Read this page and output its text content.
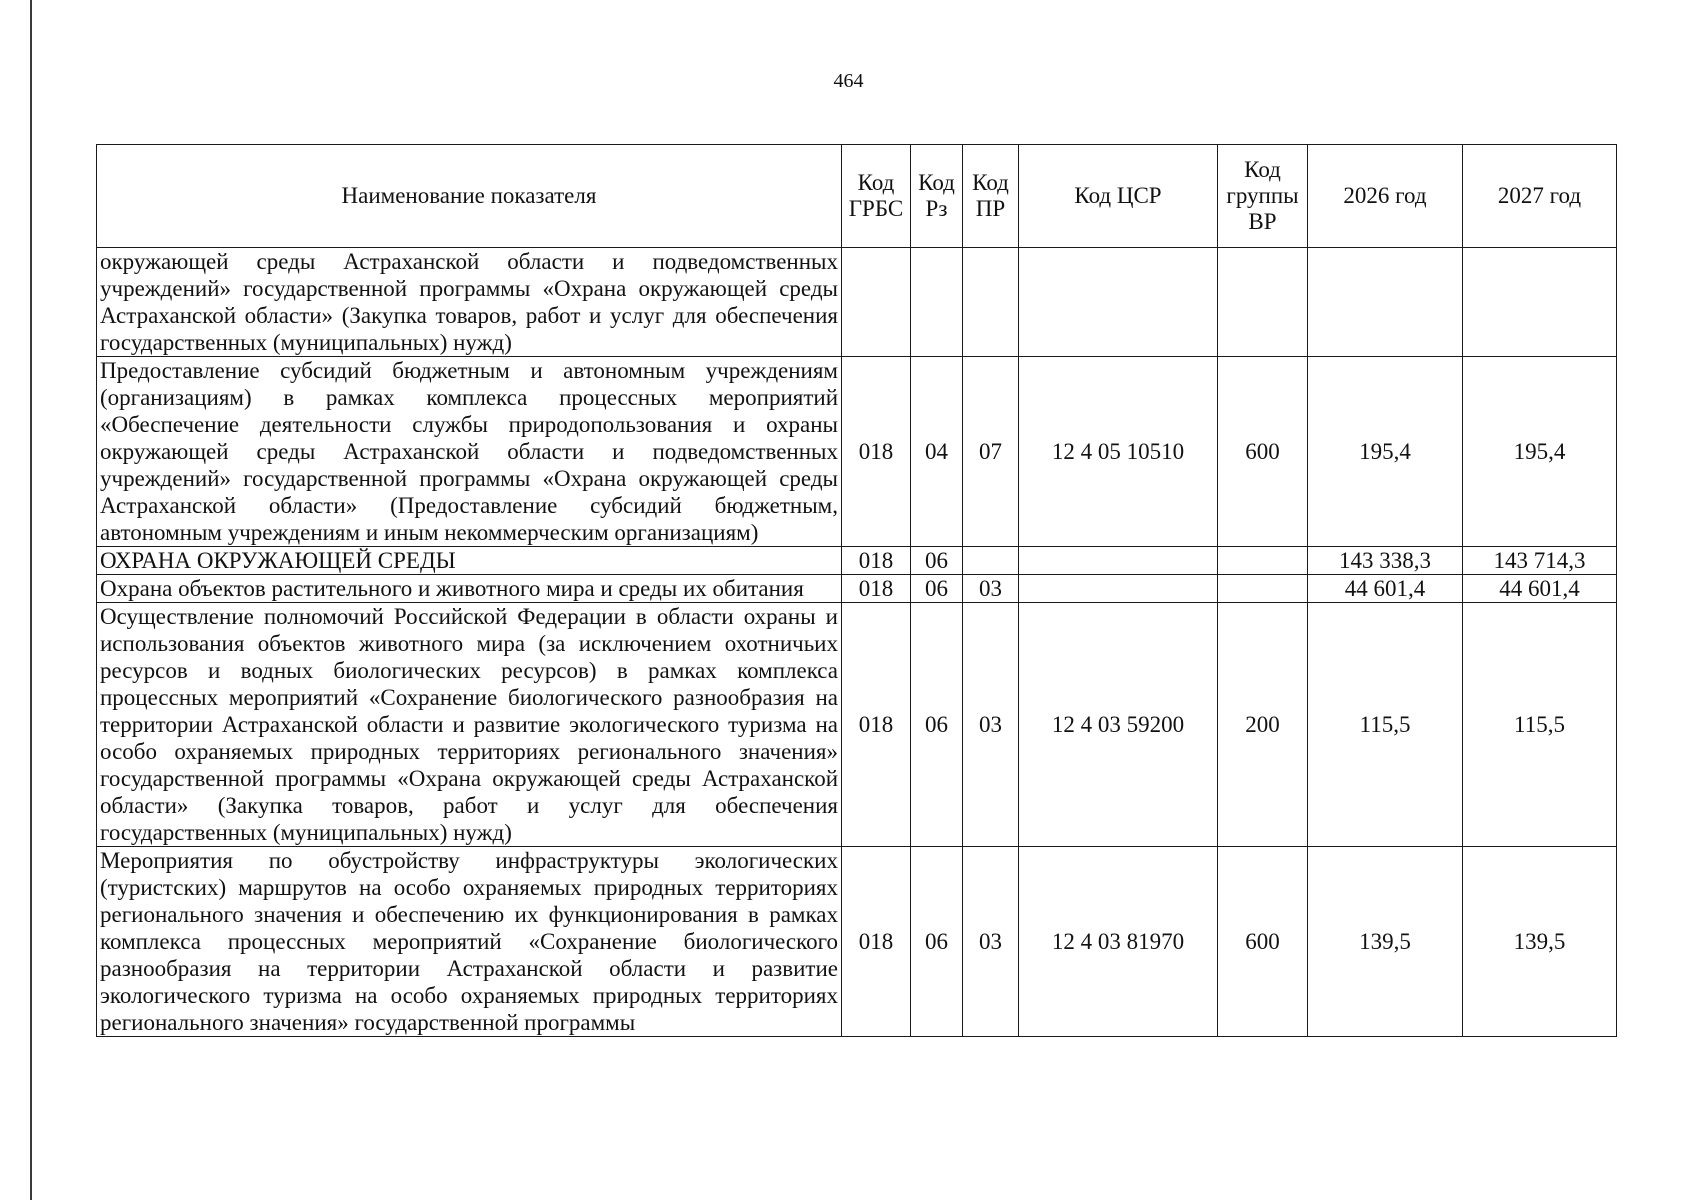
464
Наименование показателя	Код ГРБС	Код Рз	Код ПР	Код ЦСР	Код группы ВР	2026 год	2027 год
окружающей среды Астраханской области и подведомственных учреждений» государственной программы «Охрана окружающей среды Астраханской области» (Закупка товаров, работ и услуг для обеспечения государственных (муниципальных) нужд)							
Предоставление субсидий бюджетным и автономным учреждениям (организациям) в рамках комплекса процессных мероприятий «Обеспечение деятельности службы природопользования и охраны окружающей среды Астраханской области и подведомственных учреждений» государственной программы «Охрана окружающей среды Астраханской области» (Предоставление субсидий бюджетным, автономным учреждениям и иным некоммерческим организациям)	018	04	07	12 4 05 10510	600	195,4	195,4
ОХРАНА ОКРУЖАЮЩЕЙ СРЕДЫ	018	06				143 338,3	143 714,3
Охрана объектов растительного и животного мира и среды их обитания	018	06	03			44 601,4	44 601,4
Осуществление полномочий Российской Федерации в области охраны и использования объектов животного мира (за исключением охотничьих ресурсов и водных биологических ресурсов) в рамках комплекса процессных мероприятий «Сохранение биологического разнообразия на территории Астраханской области и развитие экологического туризма на особо охраняемых природных территориях регионального значения» государственной программы «Охрана окружающей среды Астраханской области» (Закупка товаров, работ и услуг для обеспечения государственных (муниципальных) нужд)	018	06	03	12 4 03 59200	200	115,5	115,5
Мероприятия по обустройству инфраструктуры экологических (туристских) маршрутов на особо охраняемых природных территориях регионального значения и обеспечению их функционирования в рамках комплекса процессных мероприятий «Сохранение биологического разнообразия на территории Астраханской области и развитие экологического туризма на особо охраняемых природных территориях регионального значения» государственной программы	018	06	03	12 4 03 81970	600	139,5	139,5
